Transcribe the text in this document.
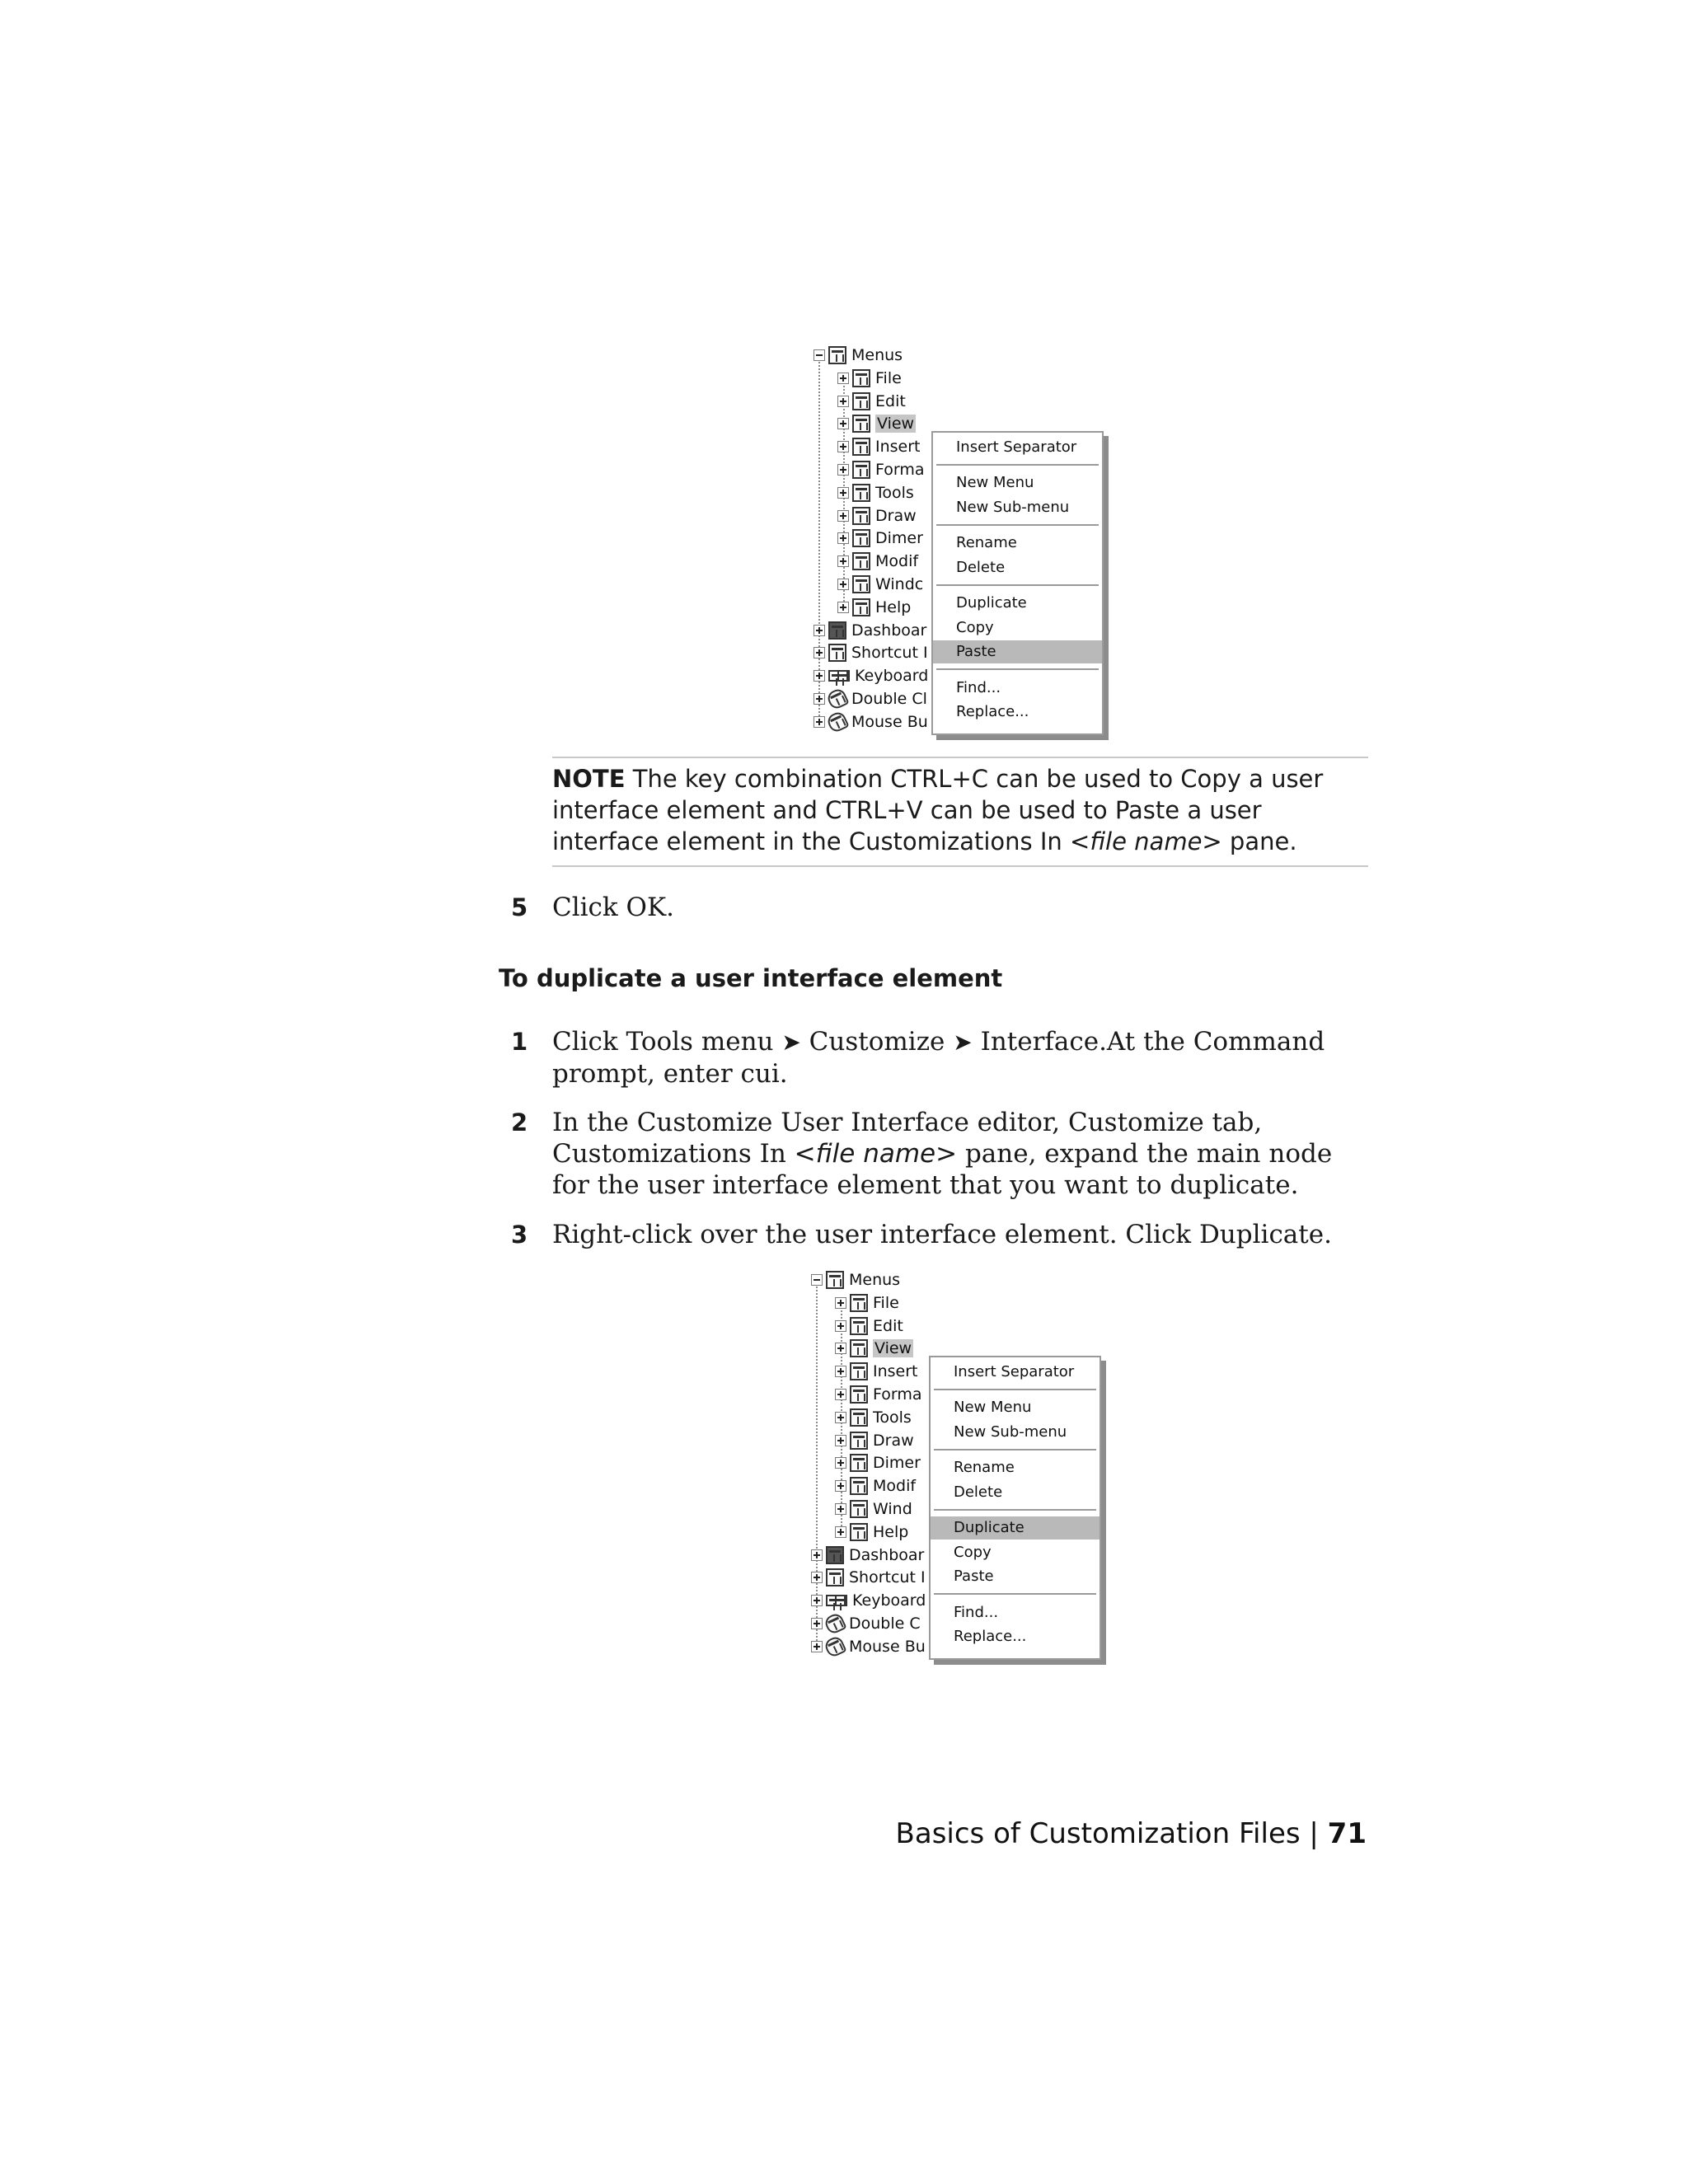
Menus
File
Edit
View
Insert
Forma
Tools
Draw
Dimer
Modif
Windc
Help
Dashboar
Shortcut I
Keyboard
Double Cl
Mouse Bu
Insert Separator
New Menu
New Sub-menu
Rename
Delete
Duplicate
Copy
Paste
Find...
Replace...
NOTE The key combination CTRL+C can be used to Copy a user interface element and CTRL+V can be used to Paste a user interface element in the Customizations In <file name> pane.
5 Click OK.
To duplicate a user interface element
1 Click Tools menu ➤ Customize ➤ Interface.At the Command prompt, enter cui.
2 In the Customize User Interface editor, Customize tab, Customizations In <file name> pane, expand the main node for the user interface element that you want to duplicate.
3 Right-click over the user interface element. Click Duplicate.
Menus
File
Edit
View
Insert
Forma
Tools
Draw
Dimer
Modif
Wind
Help
Dashboar
Shortcut I
Keyboard
Double C
Mouse Bu
Insert Separator
New Menu
New Sub-menu
Rename
Delete
Duplicate
Copy
Paste
Find...
Replace...
Basics of Customization Files | 71
